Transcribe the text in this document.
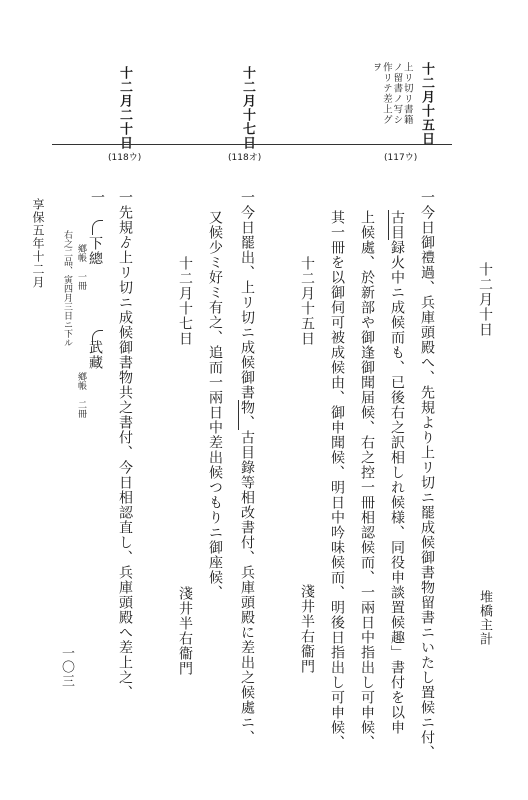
十二月十五日
上リ切リ書籍ノ留書ノ写シ作リテ差上グヲ
(117ウ)
十二月十七日
(118オ)
十二月二十日
(118ウ)
堆橋主計
一〇三
十二月十日
一今日御禮過、兵庫頭殿へ、先規より上リ切ニ罷成候御書物留書ニいたし置候ニ付、
古目録火中ニ成候而も、已後右之訳相しれ候様、同役申談置候趣」書付を以申
上候處、於新部や御逢御聞届候、右之控一冊相認候而、一兩日中指出し可申候、
其一冊を以御伺可被成候由、御申聞候、明日中吟味候而、明後日指出し可申候、
十二月十五日
淺井半右衞門
一今日罷出、上リ切ニ成候御書物、古目錄等相改書付、兵庫頭殿に差出之候處ニ、
又候少ミ好ミ有之、追而一兩日中差出候つもりニ御座候、
十二月十七日
淺井半右衞門
一先規ゟ上リ切ニ成候御書物共之書付、今日相認直し、兵庫頭殿へ差上之、
一
下總
鄕帳 一冊
武藏
鄕帳 二冊
右之二品、寅四月三日ニ下ル
享保五年十二月
